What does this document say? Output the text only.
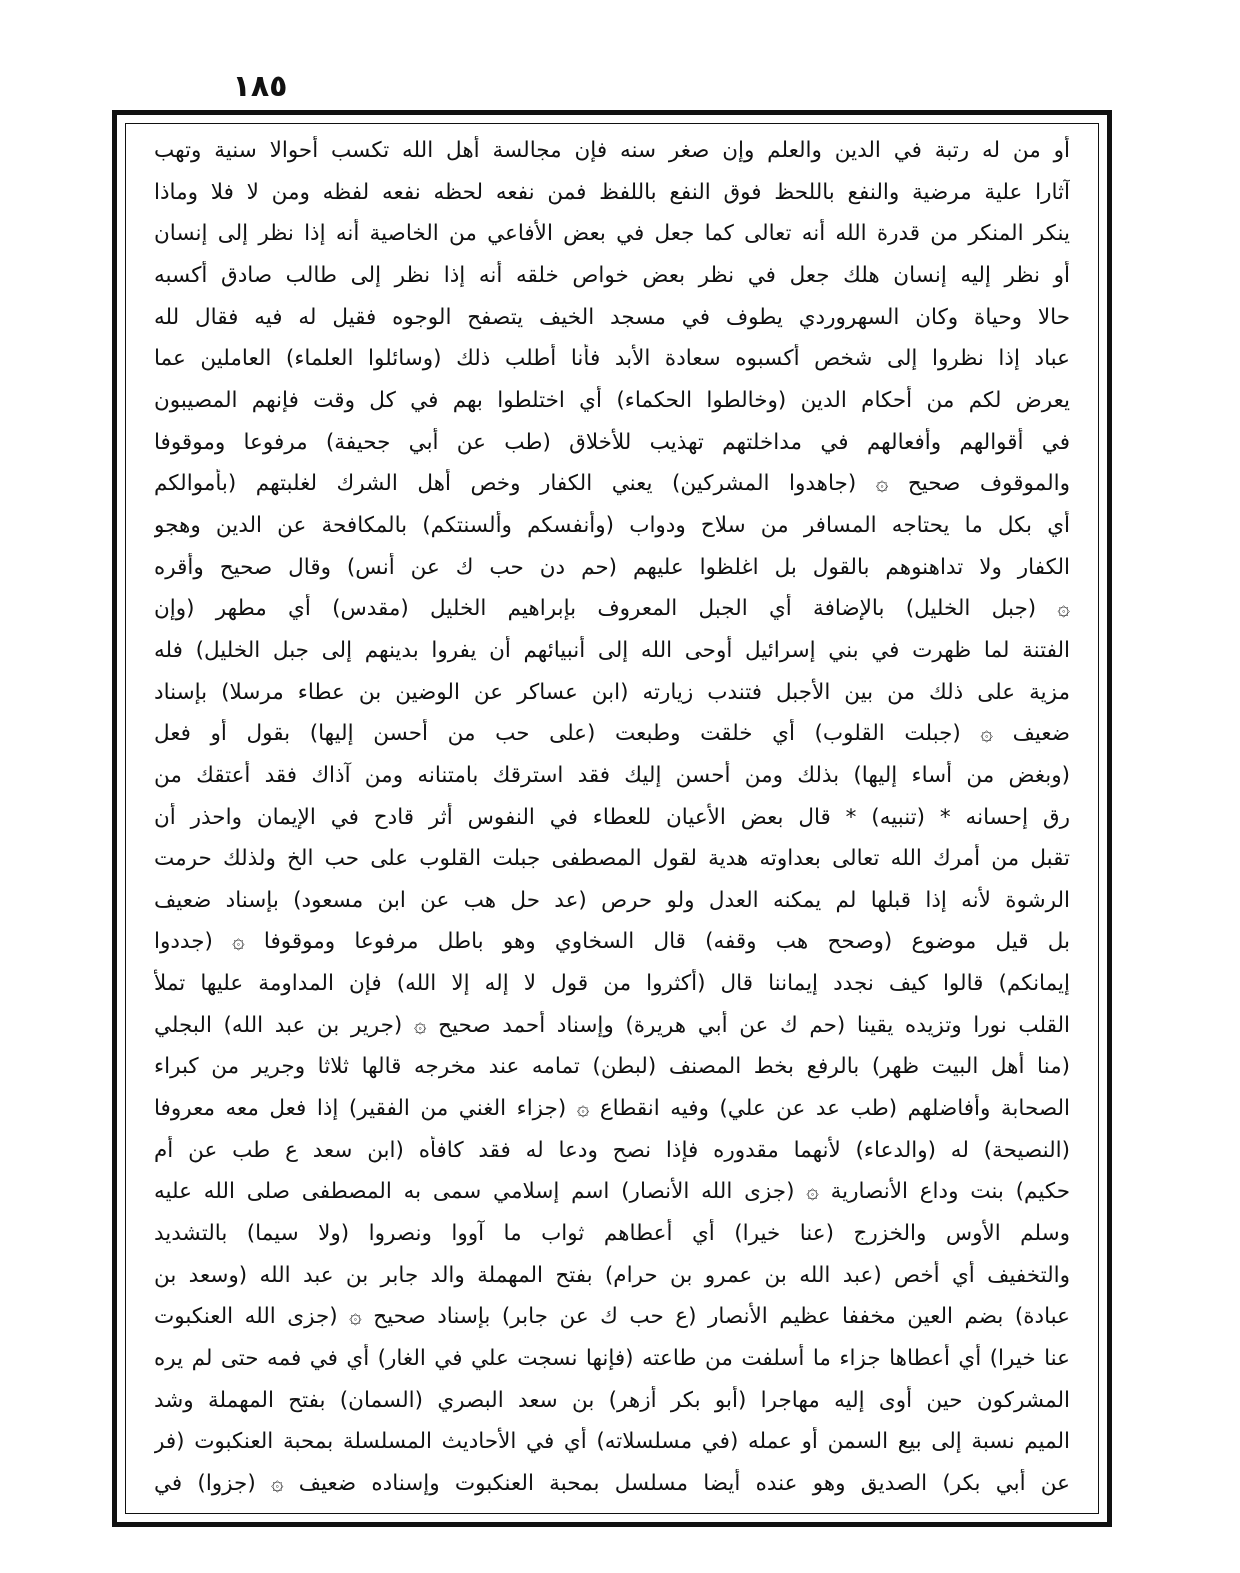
١٨٥
أو من له رتبة في الدين والعلم وإن صغر سنه فإن مجالسة أهل الله تكسب أحوالا سنية وتهب
آثارا علية مرضية والنفع باللحظ فوق النفع باللفظ فمن نفعه لحظه نفعه لفظه ومن لا فلا وماذا
ينكر المنكر من قدرة الله أنه تعالى كما جعل في بعض الأفاعي من الخاصية أنه إذا نظر إلى إنسان
أو نظر إليه إنسان هلك جعل في نظر بعض خواص خلقه أنه إذا نظر إلى طالب صادق أكسبه
حالا وحياة وكان السهروردي يطوف في مسجد الخيف يتصفح الوجوه فقيل له فيه فقال لله
عباد إذا نظروا إلى شخص أكسبوه سعادة الأبد فأنا أطلب ذلك (وسائلوا العلماء) العاملين عما
يعرض لكم من أحكام الدين (وخالطوا الحكماء) أي اختلطوا بهم في كل وقت فإنهم المصيبون
في أقوالهم وأفعالهم في مداخلتهم تهذيب للأخلاق (طب عن أبي جحيفة) مرفوعا وموقوفا
والموقوف صحيح ۞ (جاهدوا المشركين) يعني الكفار وخص أهل الشرك لغلبتهم (بأموالكم
أي بكل ما يحتاجه المسافر من سلاح ودواب (وأنفسكم وألسنتكم) بالمكافحة عن الدين وهجو
الكفار ولا تداهنوهم بالقول بل اغلظوا عليهم (حم دن حب ك عن أنس) وقال صحيح وأقره
۞ (جبل الخليل) بالإضافة أي الجبل المعروف بإبراهيم الخليل (مقدس) أي مطهر (وإن
الفتنة لما ظهرت في بني إسرائيل أوحى الله إلى أنبيائهم أن يفروا بدينهم إلى جبل الخليل) فله
مزية على ذلك من بين الأجبل فتندب زيارته (ابن عساكر عن الوضين بن عطاء مرسلا) بإسناد
ضعيف ۞ (جبلت القلوب) أي خلقت وطبعت (على حب من أحسن إليها) بقول أو فعل
(وبغض من أساء إليها) بذلك ومن أحسن إليك فقد استرقك بامتنانه ومن آذاك فقد أعتقك من
رق إحسانه * (تنبيه) * قال بعض الأعيان للعطاء في النفوس أثر قادح في الإيمان واحذر أن
تقبل من أمرك الله تعالى بعداوته هدية لقول المصطفى جبلت القلوب على حب الخ ولذلك حرمت
الرشوة لأنه إذا قبلها لم يمكنه العدل ولو حرص (عد حل هب عن ابن مسعود) بإسناد ضعيف
بل قيل موضوع (وصحح هب وقفه) قال السخاوي وهو باطل مرفوعا وموقوفا ۞ (جددوا
إيمانكم) قالوا كيف نجدد إيماننا قال (أكثروا من قول لا إله إلا الله) فإن المداومة عليها تملأ
القلب نورا وتزيده يقينا (حم ك عن أبي هريرة) وإسناد أحمد صحيح ۞ (جرير بن عبد الله) البجلي
(منا أهل البيت ظهر) بالرفع بخط المصنف (لبطن) تمامه عند مخرجه قالها ثلاثا وجرير من كبراء
الصحابة وأفاضلهم (طب عد عن علي) وفيه انقطاع ۞ (جزاء الغني من الفقير) إذا فعل معه معروفا
(النصيحة) له (والدعاء) لأنهما مقدوره فإذا نصح ودعا له فقد كافأه (ابن سعد ع طب عن أم
حكيم) بنت وداع الأنصارية ۞ (جزى الله الأنصار) اسم إسلامي سمى به المصطفى صلى الله عليه
وسلم الأوس والخزرج (عنا خيرا) أي أعطاهم ثواب ما آووا ونصروا (ولا سيما) بالتشديد
والتخفيف أي أخص (عبد الله بن عمرو بن حرام) بفتح المهملة والد جابر بن عبد الله (وسعد بن
عبادة) بضم العين مخففا عظيم الأنصار (ع حب ك عن جابر) بإسناد صحيح ۞ (جزى الله العنكبوت
عنا خيرا) أي أعطاها جزاء ما أسلفت من طاعته (فإنها نسجت علي في الغار) أي في فمه حتى لم يره
المشركون حين أوى إليه مهاجرا (أبو بكر أزهر) بن سعد البصري (السمان) بفتح المهملة وشد
الميم نسبة إلى بيع السمن أو عمله (في مسلسلاته) أي في الأحاديث المسلسلة بمحبة العنكبوت (فر
عن أبي بكر) الصديق وهو عنده أيضا مسلسل بمحبة العنكبوت وإسناده ضعيف ۞ (جزوا) في
